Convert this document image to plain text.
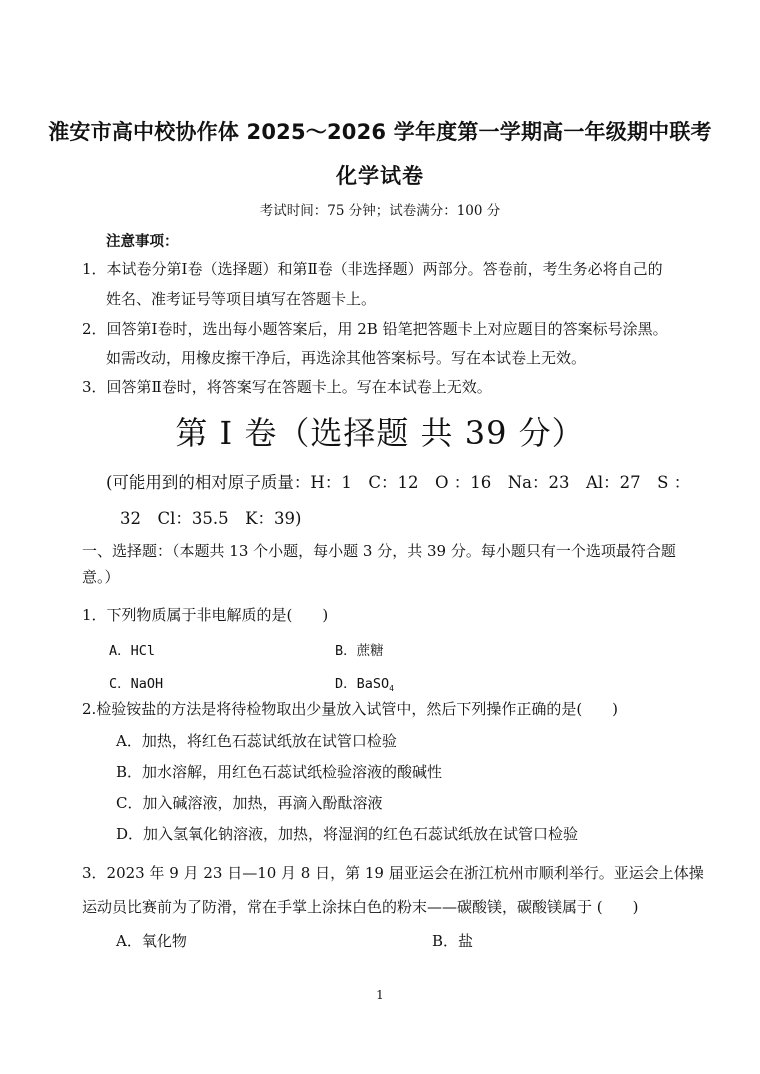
淮安市高中校协作体 2025～2026 学年度第一学期高一年级期中联考
化学试卷
考试时间：75 分钟；试卷满分：100 分
注意事项：
1．本试卷分第Ⅰ卷（选择题）和第Ⅱ卷（非选择题）两部分。答卷前，考生务必将自己的
姓名、准考证号等项目填写在答题卡上。
2．回答第Ⅰ卷时，选出每小题答案后，用 2B 铅笔把答题卡上对应题目的答案标号涂黑。
如需改动，用橡皮擦干净后，再选涂其他答案标号。写在本试卷上无效。
3．回答第Ⅱ卷时，将答案写在答题卡上。写在本试卷上无效。
第 I 卷（选择题 共 39 分）
(可能用到的相对原子质量：H：1　C：12　O ：16　Na：23　Al：27　S ：
32　Cl：35.5　K：39)
一、选择题：（本题共 13 个小题，每小题 3 分，共 39 分。每小题只有一个选项最符合题
意。）
1．下列物质属于非电解质的是(　　)
A．HCl	B．蔗糖
C．NaOH	D．BaSO$_4$
2.检验铵盐的方法是将待检物取出少量放入试管中，然后下列操作正确的是(　　)
A．加热，将红色石蕊试纸放在试管口检验
B．加水溶解，用红色石蕊试纸检验溶液的酸碱性
C．加入碱溶液，加热，再滴入酚酞溶液
D．加入氢氧化钠溶液，加热，将湿润的红色石蕊试纸放在试管口检验
3．2023 年 9 月 23 日—10 月 8 日，第 19 届亚运会在浙江杭州市顺利举行。亚运会上体操
运动员比赛前为了防滑，常在手掌上涂抹白色的粉末——碳酸镁，碳酸镁属于 (　　)
A．氧化物	B．盐
1
